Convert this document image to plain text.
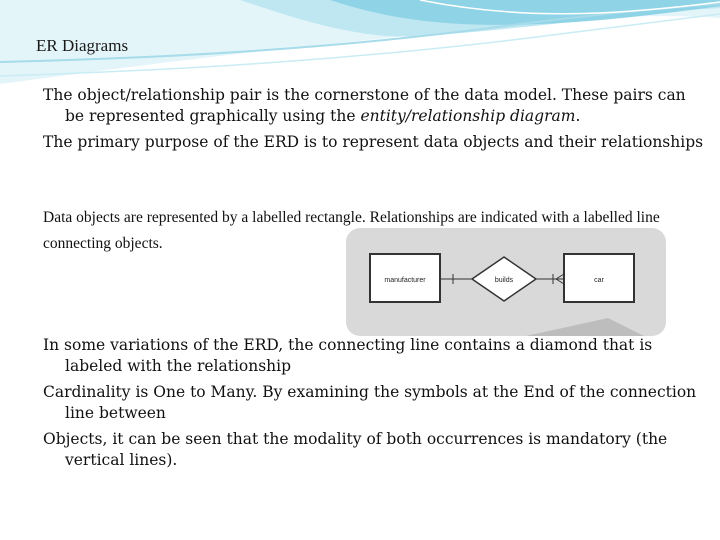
ER Diagrams

The object/relationship pair is the cornerstone of the data model. These pairs can be represented graphically using the entity/relationship diagram.

The primary purpose of the ERD is to represent data objects and their relationships

Data objects are represented by a labelled rectangle. Relationships are indicated with a labelled line connecting objects.

manufacturer	builds	car

In some variations of the ERD, the connecting line contains a diamond that is labeled with the relationship

Cardinality is One to Many. By examining the symbols at the End of the connection line between

Objects, it can be seen that the modality of both occurrences is mandatory (the vertical lines).
